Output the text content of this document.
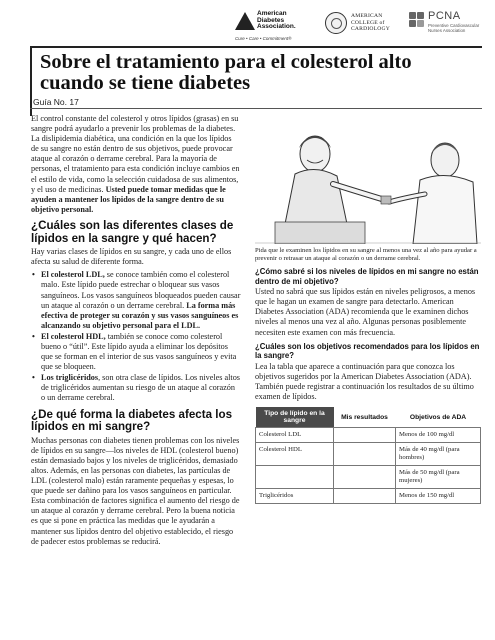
American
Diabetes
Association.
Cure • Care • Commitment®
AMERICAN
COLLEGE of
CARDIOLOGY
PCNA
Preventive Cardiovascular
Nurses Association
Sobre el tratamiento para el colesterol alto cuando se tiene diabetes
Guía No. 17

El control constante del colesterol y otros lípidos (grasas) en su sangre podrá ayudarlo a prevenir los problemas de la diabetes. La dislipidemia diabética, una condición en la que los lípidos de su sangre no están dentro de sus objetivos, puede provocar ataque al corazón o derrame cerebral. Para la mayoría de personas, el tratamiento para esta condición incluye cambios en el estilo de vida, como la selección cuidadosa de sus alimentos, y el uso de medicinas. Usted puede tomar medidas que le ayuden a mantener los lípidos de la sangre dentro de su objetivo personal.

¿Cuáles son las diferentes clases de lípidos en la sangre y qué hacen?

Hay varias clases de lípidos en su sangre, y cada uno de ellos afecta su salud de diferente forma.

• El colesterol LDL, se conoce también como el colesterol malo. Este lípido puede estrechar o bloquear sus vasos sanguíneos. Los vasos sanguíneos bloqueados pueden causar un ataque al corazón o un derrame cerebral. La forma más efectiva de proteger su corazón y sus vasos sanguíneos es alcanzando su objetivo personal para el LDL.
• El colesterol HDL, también se conoce como colesterol bueno o “útil”. Este lípido ayuda a eliminar los depósitos que se forman en el interior de sus vasos sanguíneos y evita que se bloqueen.
• Los triglicéridos, son otra clase de lípidos. Los niveles altos de triglicéridos aumentan su riesgo de un ataque al corazón o un derrame cerebral.
¿De qué forma la diabetes afecta los lípidos en mi sangre?

Muchas personas con diabetes tienen problemas con los niveles de lípidos en su sangre—los niveles de HDL (colesterol bueno) están demasiado bajos y los niveles de triglicéridos, demasiado altos. Además, en las personas con diabetes, las partículas de LDL (colesterol malo) están raramente pequeñas y espesas, lo que puede ser dañino para los vasos sanguíneos en particular. Esta combinación de factores significa el aumento del riesgo de un ataque al corazón y derrame cerebral. Pero la buena noticia es que si pone en práctica las medidas que le ayudarán a mantener sus lípidos dentro del objetivo establecido, el riesgo de padecer estos problemas se reducirá.

Pida que le examinen los lípidos en su sangre al menos una vez al año para ayudar a prevenir o retrasar un ataque al corazón o un derrame cerebral.

¿Cómo sabré si los niveles de lípidos en mi sangre no están dentro de mi objetivo?

Usted no sabrá que sus lípidos están en niveles peligrosos, a menos que le hagan un examen de sangre para detectarlo. American Diabetes Association (ADA) recomienda que le examinen dichos niveles al menos una vez al año. Algunas personas posiblemente necesiten este examen con más frecuencia.

¿Cuáles son los objetivos recomendados para los lípidos en la sangre?

Lea la tabla que aparece a continuación para que conozca los objetivos sugeridos por la American Diabetes Association (ADA). También puede registrar a continuación los resultados de su último examen de lípidos.

Tipo de lípido en la sangre	Mis resultados	Objetivos de ADA
Colesterol LDL		Menos de 100 mg/dl
Colesterol HDL		Más de 40 mg/dl (para hombres)
		Más de 50 mg/dl (para mujeres)
Triglicéridos		Menos de 150 mg/dl
